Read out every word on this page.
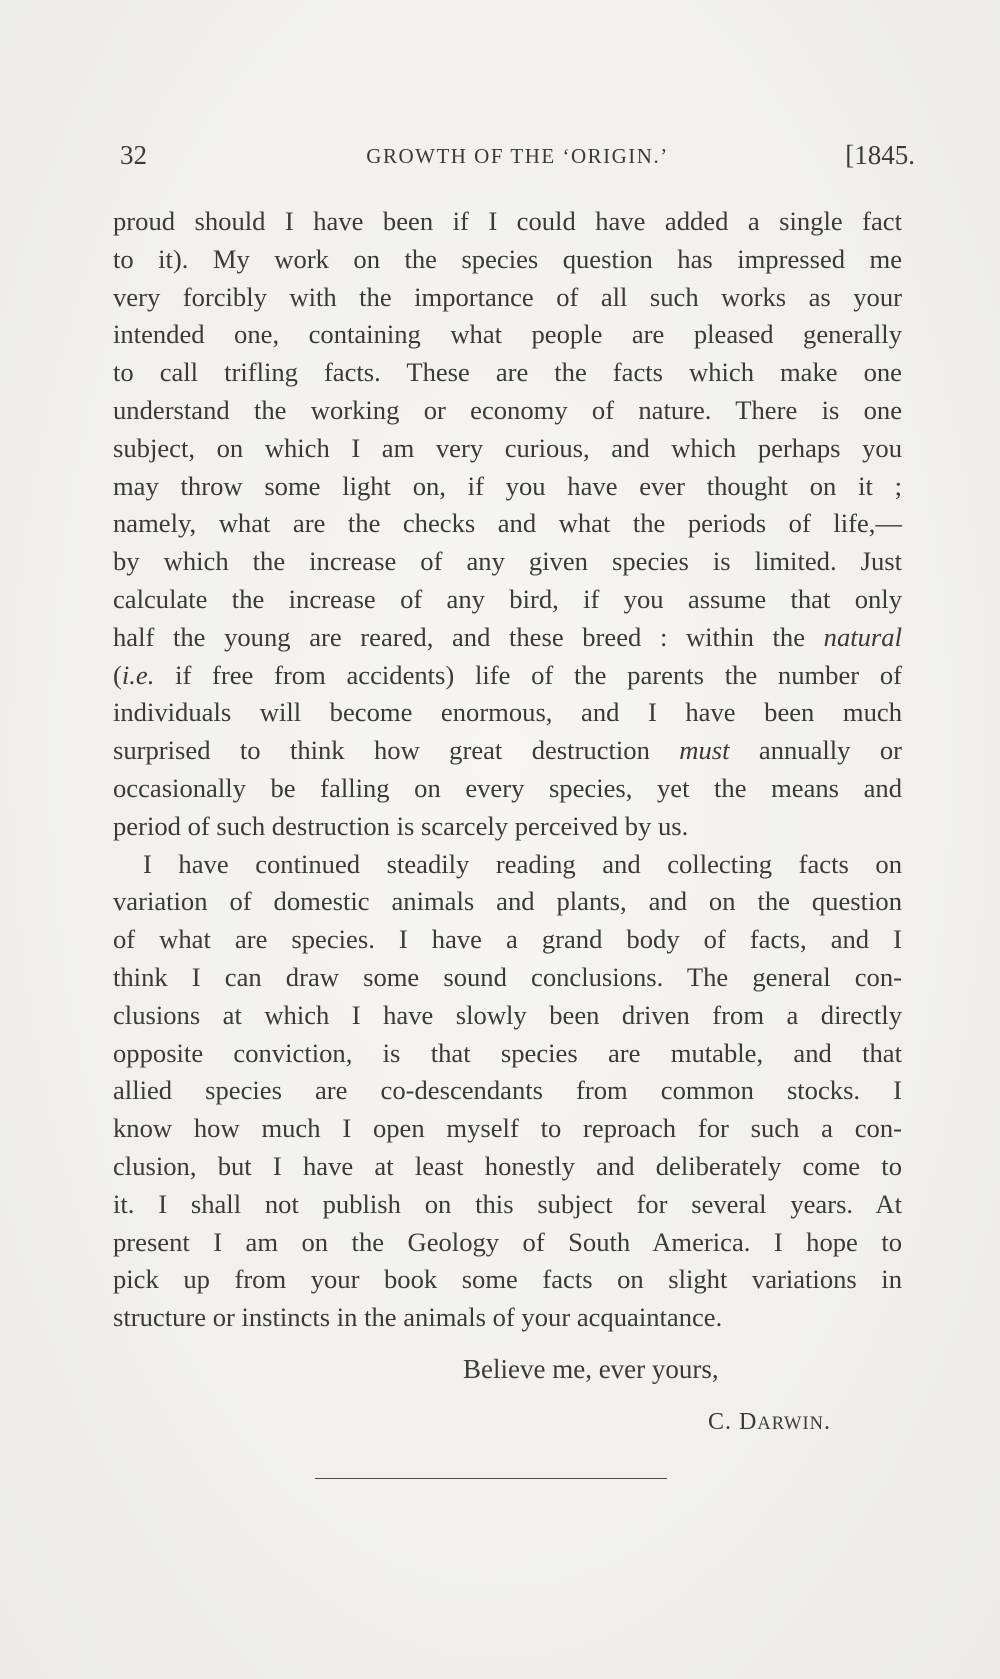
32	GROWTH OF THE ‘ORIGIN.’	[1845.
proud should I have been if I could have added a single fact
to it). My work on the species question has impressed me
very forcibly with the importance of all such works as your
intended one, containing what people are pleased generally
to call trifling facts. These are the facts which make one
understand the working or economy of nature. There is one
subject, on which I am very curious, and which perhaps you
may throw some light on, if you have ever thought on it ;
namely, what are the checks and what the periods of life,—
by which the increase of any given species is limited. Just
calculate the increase of any bird, if you assume that only
half the young are reared, and these breed : within the natural
(i.e. if free from accidents) life of the parents the number of
individuals will become enormous, and I have been much
surprised to think how great destruction must annually or
occasionally be falling on every species, yet the means and
period of such destruction is scarcely perceived by us.
I have continued steadily reading and collecting facts on
variation of domestic animals and plants, and on the question
of what are species. I have a grand body of facts, and I
think I can draw some sound conclusions. The general con-
clusions at which I have slowly been driven from a directly
opposite conviction, is that species are mutable, and that
allied species are co-descendants from common stocks. I
know how much I open myself to reproach for such a con-
clusion, but I have at least honestly and deliberately come to
it. I shall not publish on this subject for several years. At
present I am on the Geology of South America. I hope to
pick up from your book some facts on slight variations in
structure or instincts in the animals of your acquaintance.
Believe me, ever yours,
C. DARWIN.
